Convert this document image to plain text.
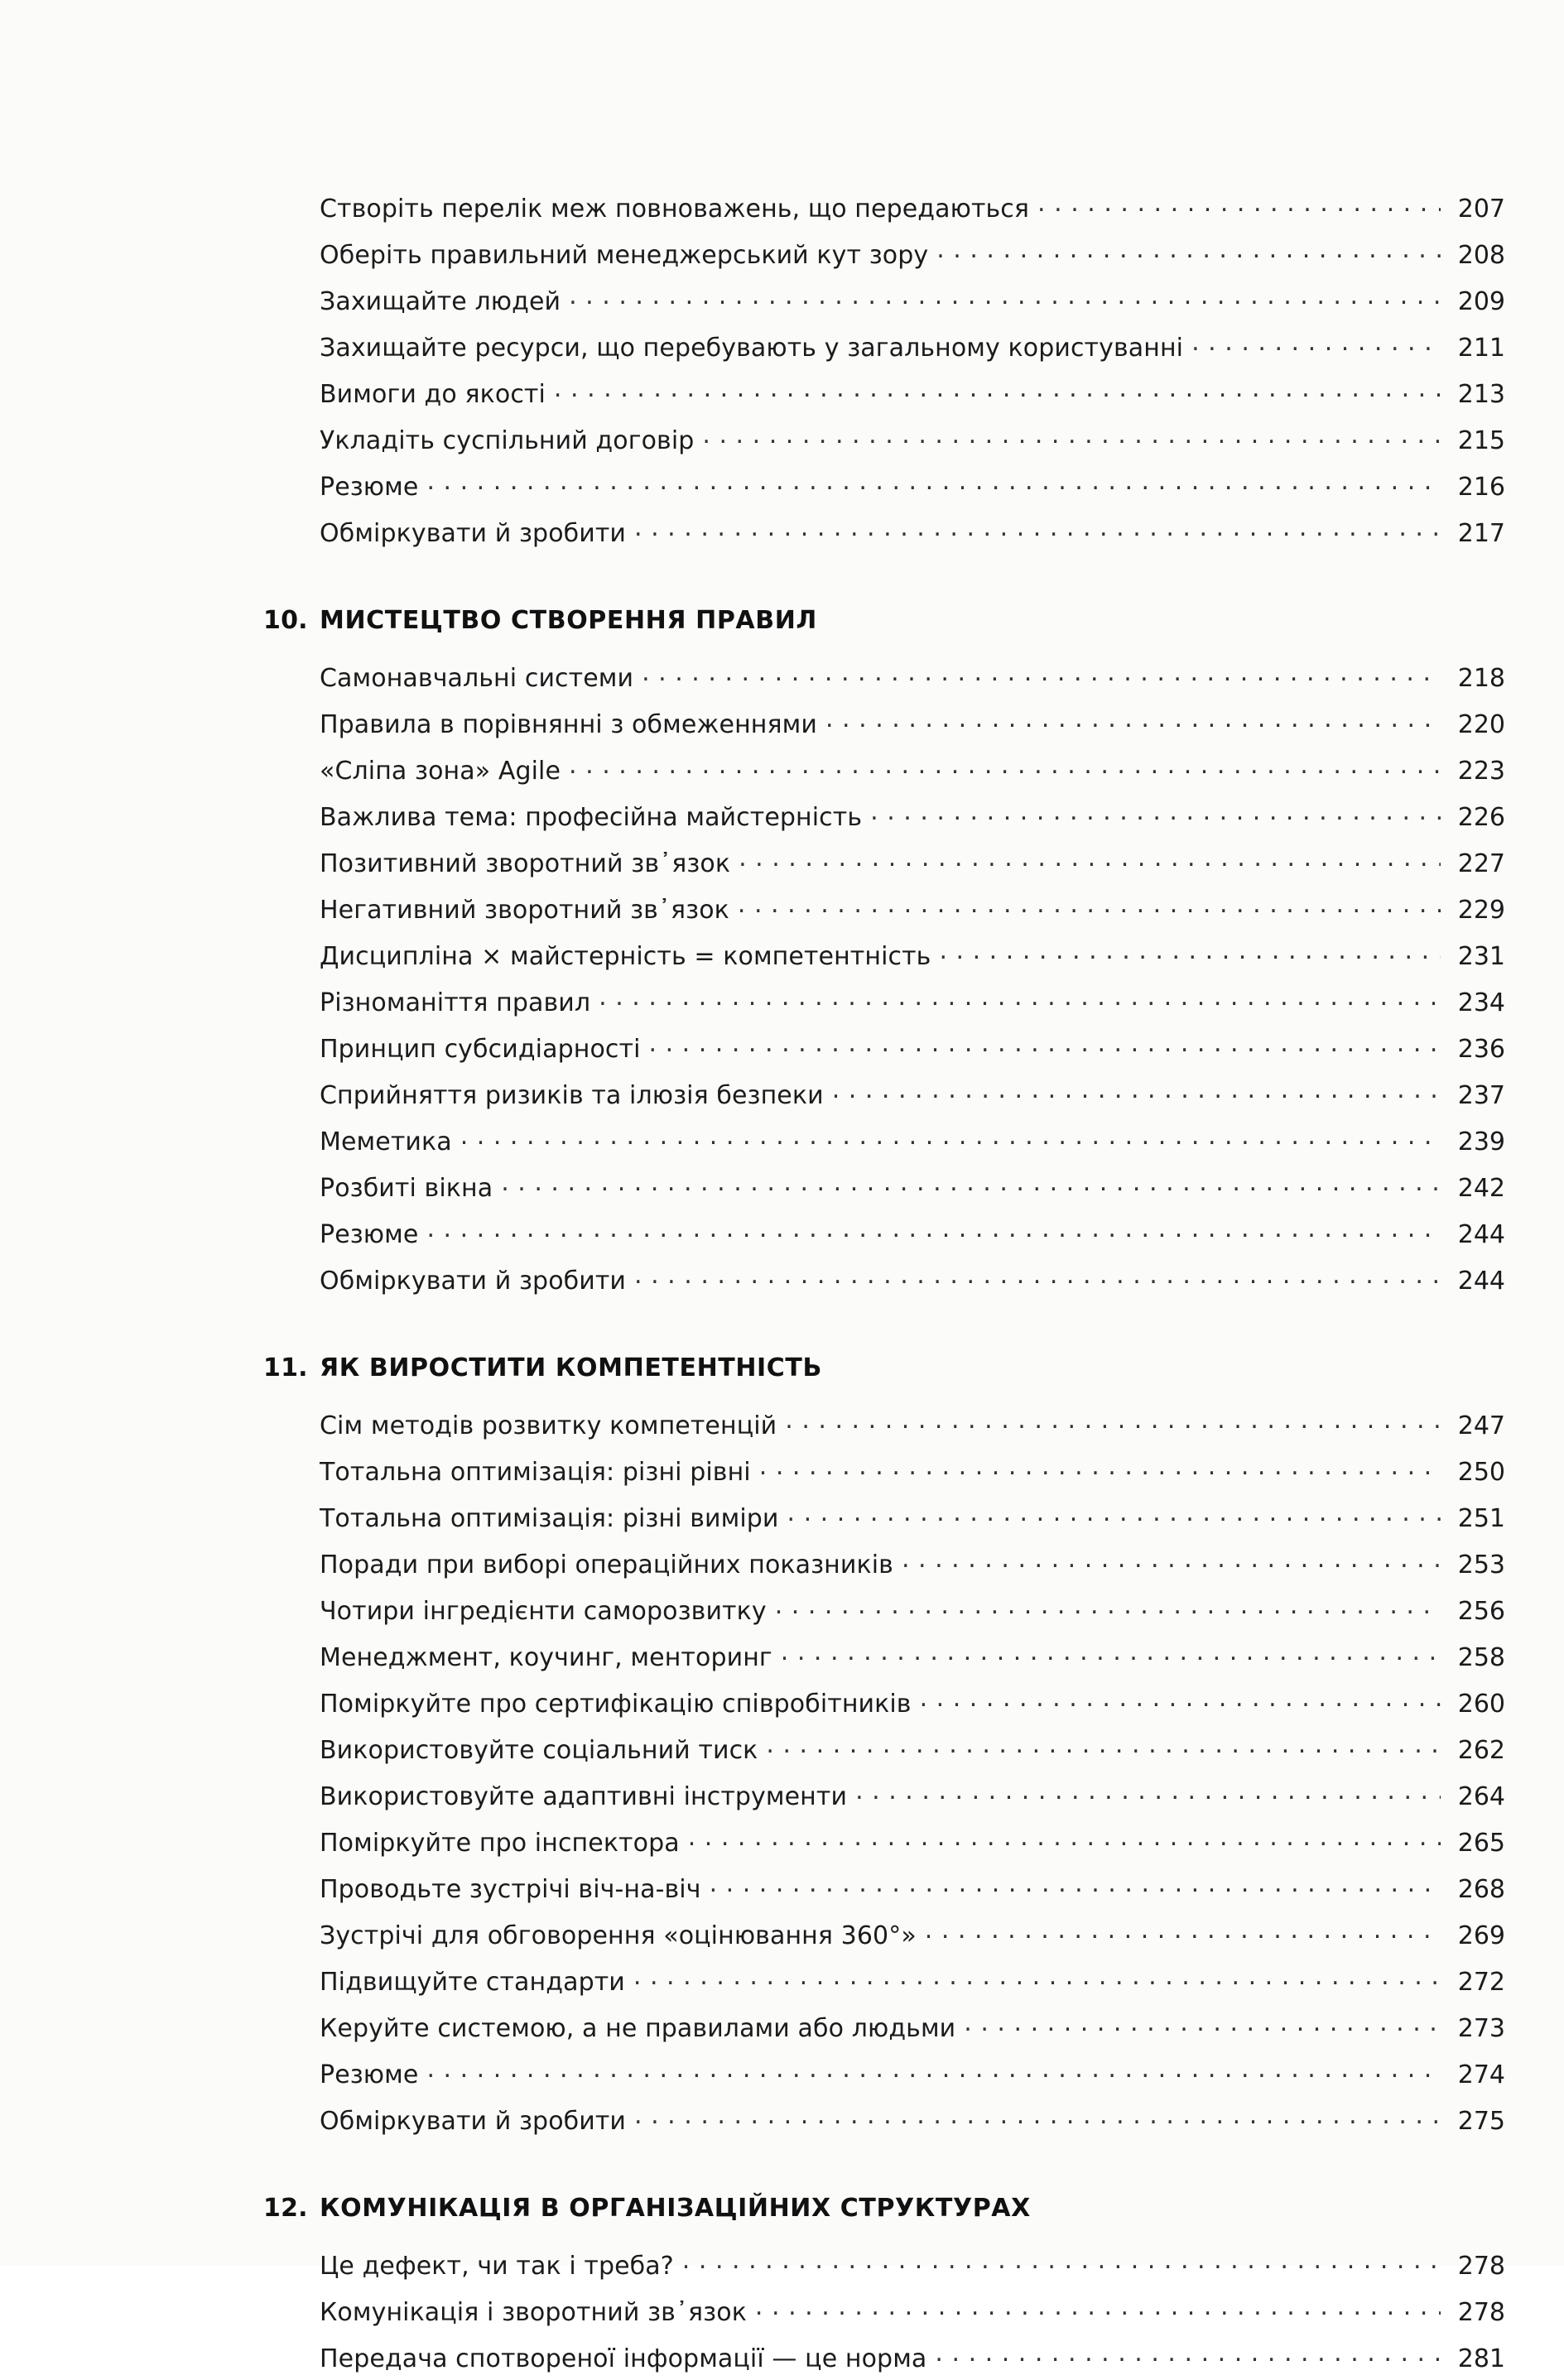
Створіть перелік меж повноважень, що передаються . . .	207
Оберіть правильний менеджерський кут зору . . .	208
Захищайте людей . . .	209
Захищайте ресурси, що перебувають у загальному користуванні . . .	211
Вимоги до якості . . .	213
Укладіть суспільний договір . . .	215
Резюме . . .	216
Обміркувати й зробити . . .	217
10. МИСТЕЦТВО СТВОРЕННЯ ПРАВИЛ
Самонавчальні системи . . .	218
Правила в порівнянні з обмеженнями . . .	220
«Сліпа зона» Agile . . .	223
Важлива тема: професійна майстерність . . .	226
Позитивний зворотний зв᾽язок . . .	227
Негативний зворотний зв᾽язок . . .	229
Дисципліна × майстерність = компетентність . . .	231
Різноманіття правил . . .	234
Принцип субсидіарності . . .	236
Сприйняття ризиків та ілюзія безпеки . . .	237
Меметика . . .	239
Розбиті вікна . . .	242
Резюме . . .	244
Обміркувати й зробити . . .	244
11. ЯК ВИРОСТИТИ КОМПЕТЕНТНІСТЬ
Сім методів розвитку компетенцій . . .	247
Тотальна оптимізація: різні рівні . . .	250
Тотальна оптимізація: різні виміри . . .	251
Поради при виборі операційних показників . . .	253
Чотири інгредієнти саморозвитку . . .	256
Менеджмент, коучинг, менторинг . . .	258
Поміркуйте про сертифікацію співробітників . . .	260
Використовуйте соціальний тиск . . .	262
Використовуйте адаптивні інструменти . . .	264
Поміркуйте про інспектора . . .	265
Проводьте зустрічі віч-на-віч . . .	268
Зустрічі для обговорення «оцінювання 360°» . . .	269
Підвищуйте стандарти . . .	272
Керуйте системою, а не правилами або людьми . . .	273
Резюме . . .	274
Обміркувати й зробити . . .	275
12. КОМУНІКАЦІЯ В ОРГАНІЗАЦІЙНИХ СТРУКТУРАХ
Це дефект, чи так і треба? . . .	278
Комунікація і зворотний зв᾽язок . . .	278
Передача спотвореної інформації — це норма . . .	281
